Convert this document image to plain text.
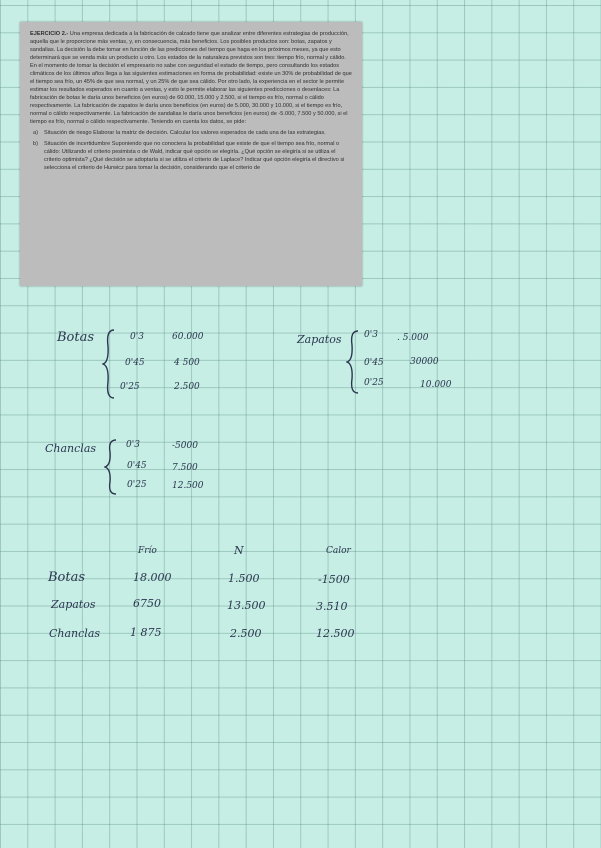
EJERCICIO 2.- Una empresa dedicada a la fabricación de calzado tiene que analizar entre diferentes estrategias de producción, aquella que le proporcione más ventas, y, en consecuencia, más beneficios. Los posibles productos son: botas, zapatos y sandalias. La decisión la debe tomar en función de las predicciones del tiempo que haga en los próximos meses, ya que esto determinará que se venda más un producto u otro. Los estados de la naturaleza previstos son tres: tiempo frío, normal y cálido. En el momento de tomar la decisión el empresario no sabe con seguridad el estado de tiempo, pero consultando los estados climáticos de los últimos años llega a las siguientes estimaciones en forma de probabilidad: existe un 30% de probabilidad de que el tiempo sea frío, un 45% de que sea normal, y un 25% de que sea cálido. Por otro lado, la experiencia en el sector le permite estimar los resultados esperados en cuanto a ventas, y esto le permite elaborar las siguientes predicciones o desenlaces: La fabricación de botas le daría unos beneficios (en euros) de 60.000, 15.000 y 2.500, si el tiempo es frío, normal o cálido respectivamente. La fabricación de zapatos le daría unos beneficios (en euros) de 5.000, 30.000 y 10.000, si el tiempo es frío, normal o cálido respectivamente. La fabricación de sandalias le daría unos beneficios (en euros) de -5.000, 7.500 y 50.000, si el tiempo es frío, normal o cálido respectivamente. Teniendo en cuenta los datos, se pide:

a) Situación de riesgo Elaborar la matriz de decisión. Calcular los valores esperados de cada una de las estrategias.
b) Situación de incertidumbre Suponiendo que no conociera la probabilidad que existe de que el tiempo sea frío, normal o cálido: Utilizando el criterio pesimista o de Wald, indicar qué opción se elegiría. ¿Qué opción se elegiría si se utiliza el criterio optimista? ¿Qué decisión se adoptaría si se utiliza el criterio de Laplace? Indicar qué opción elegiría el directivo si selecciona el criterio de Hurwicz para tomar la decisión, considerando que el criterio de
Botas	0'3	60.000
0'45	4 500
0'25	2.500
Zapatos	0'3 . 5.000
0'45	30000
0'25	10.000
Chanclas	0'3	-5000
0'45	7.500
0'25	12.500
Frío	N	Calor
Botas	18.000	1.500	-1500
Zapatos	6750	13.500	3.510
Chanclas	1 875	2.500	12.500
